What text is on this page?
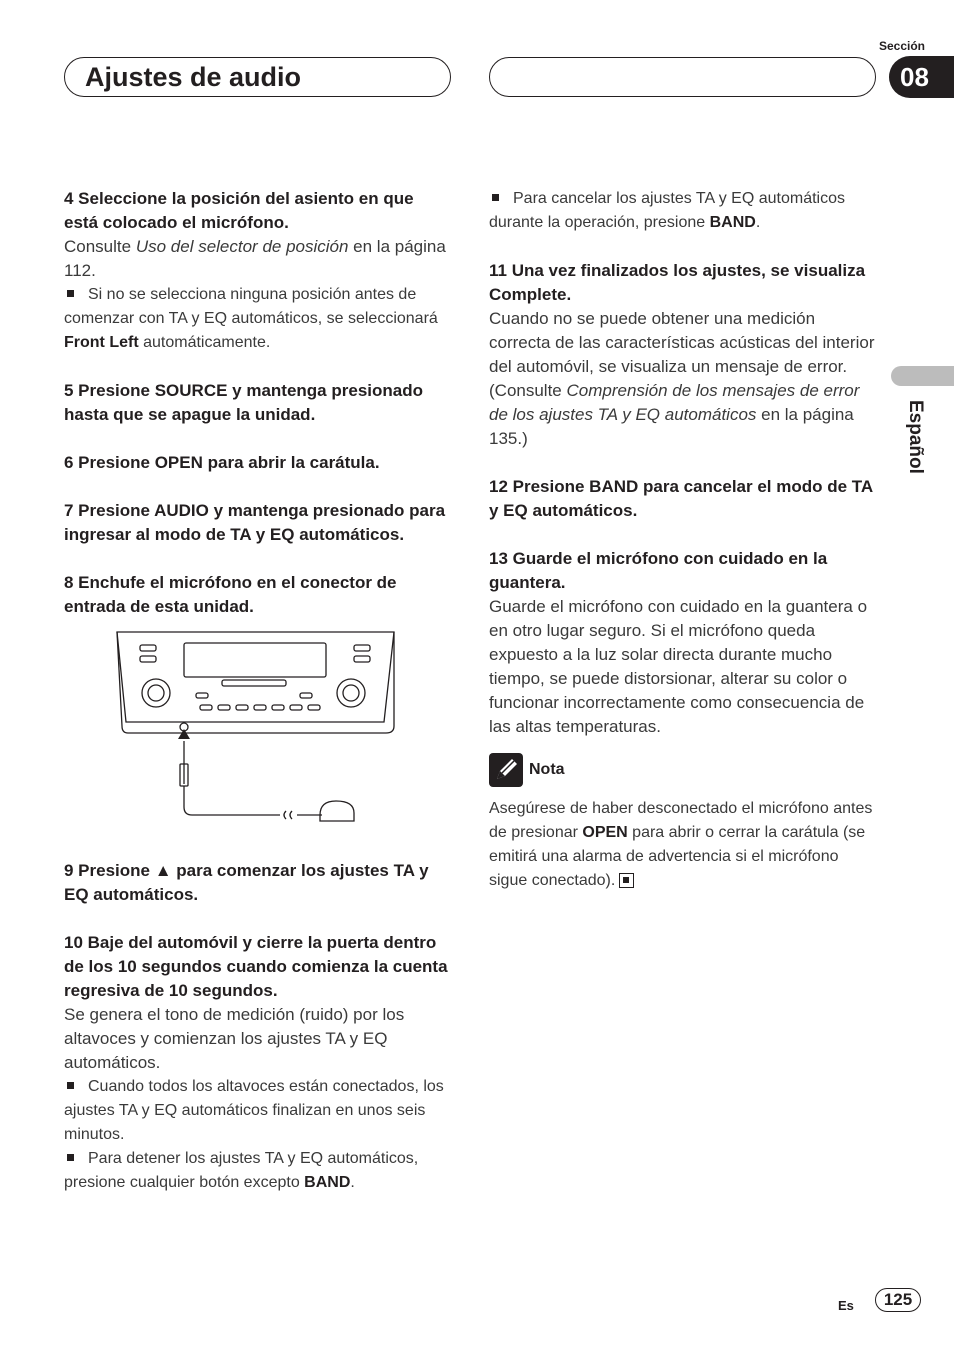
Ajustes de audio
Sección
08
Español
4 Seleccione la posición del asiento en que está colocado el micrófono.
Consulte Uso del selector de posición en la página 112.
Si no se selecciona ninguna posición antes de comenzar con TA y EQ automáticos, se seleccionará Front Left automáticamente.
5 Presione SOURCE y mantenga presionado hasta que se apague la unidad.
6 Presione OPEN para abrir la carátula.
7 Presione AUDIO y mantenga presionado para ingresar al modo de TA y EQ automáticos.
8 Enchufe el micrófono en el conector de entrada de esta unidad.
9 Presione ▲ para comenzar los ajustes TA y EQ automáticos.
10 Baje del automóvil y cierre la puerta dentro de los 10 segundos cuando comienza la cuenta regresiva de 10 segundos.
Se genera el tono de medición (ruido) por los altavoces y comienzan los ajustes TA y EQ automáticos.
Cuando todos los altavoces están conectados, los ajustes TA y EQ automáticos finalizan en unos seis minutos.
Para detener los ajustes TA y EQ automáticos, presione cualquier botón excepto BAND.
Para cancelar los ajustes TA y EQ automáticos durante la operación, presione BAND.
11 Una vez finalizados los ajustes, se visualiza Complete.
Cuando no se puede obtener una medición correcta de las características acústicas del interior del automóvil, se visualiza un mensaje de error. (Consulte Comprensión de los mensajes de error de los ajustes TA y EQ automáticos en la página 135.)
12 Presione BAND para cancelar el modo de TA y EQ automáticos.
13 Guarde el micrófono con cuidado en la guantera.
Guarde el micrófono con cuidado en la guantera o en otro lugar seguro. Si el micrófono queda expuesto a la luz solar directa durante mucho tiempo, se puede distorsionar, alterar su color o funcionar incorrectamente como consecuencia de las altas temperaturas.
Nota
Asegúrese de haber desconectado el micrófono antes de presionar OPEN para abrir o cerrar la carátula (se emitirá una alarma de advertencia si el micrófono sigue conectado).
Es	125
